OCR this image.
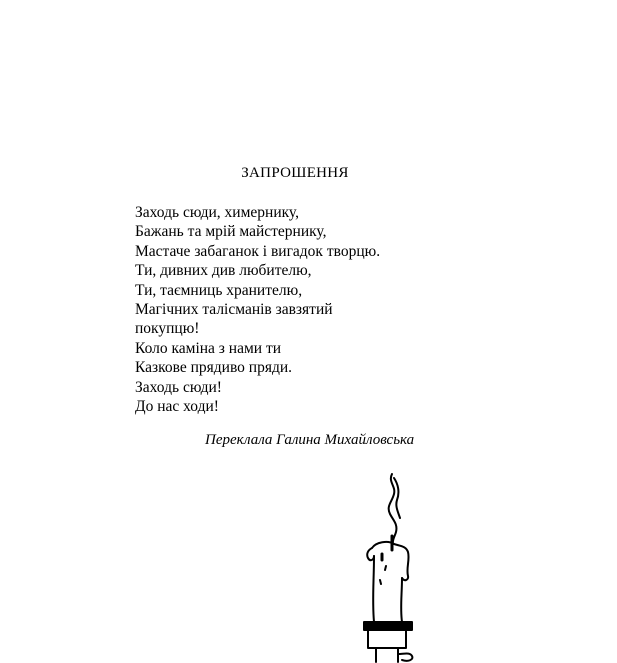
ЗАПРОШЕННЯ
Заходь сюди, химернику,
Бажань та мрій майстернику,
Мастаче забаганок і вигадок творцю.
Ти, дивних див любителю,
Ти, таємниць хранителю,
Магічних талісманів завзятий
покупцю!
Коло каміна з нами ти
Казкове прядиво пряди.
Заходь сюди!
До нас ходи!
Переклала Галина Михайловська
